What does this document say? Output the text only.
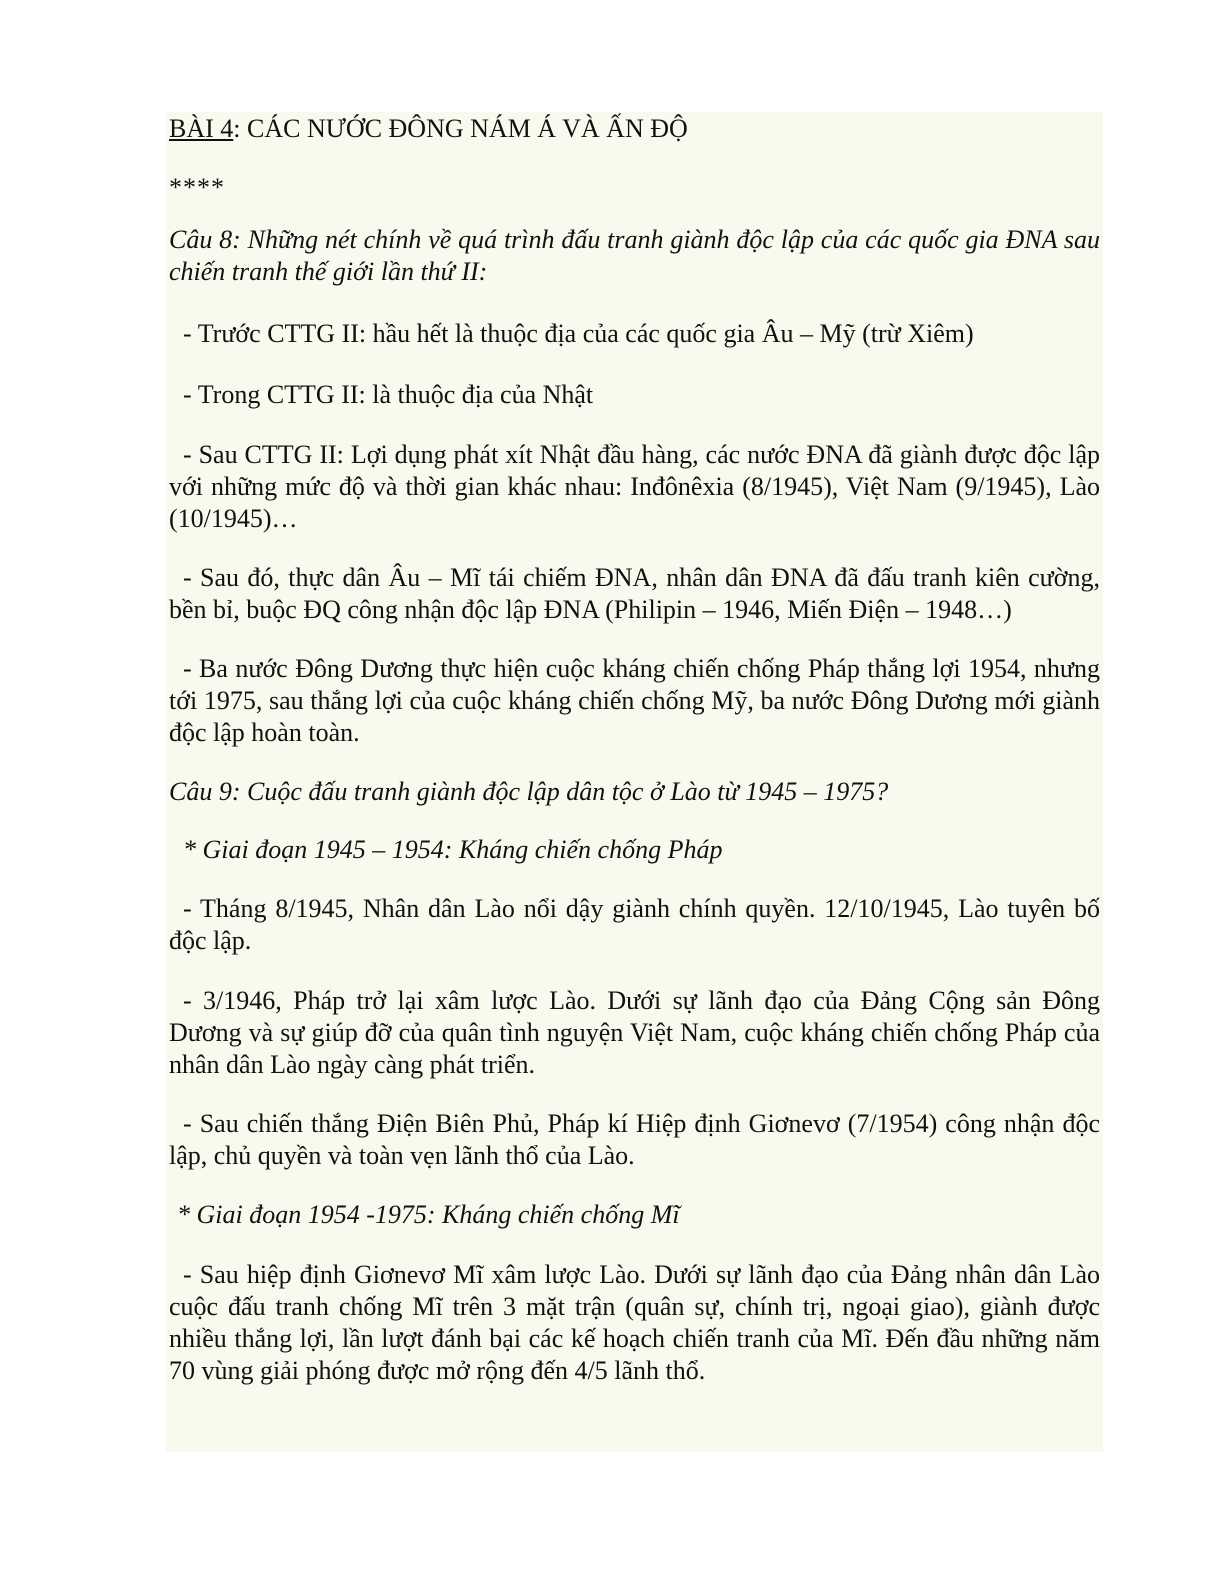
BÀI 4: CÁC NƯỚC ĐÔNG NÁM Á VÀ ẤN ĐỘ
****

Câu 8: Những nét chính về quá trình đấu tranh giành độc lập của các quốc gia ĐNA sau chiến tranh thế giới lần thứ II:

- Trước CTTG II: hầu hết là thuộc địa của các quốc gia Âu – Mỹ (trừ Xiêm)

- Trong CTTG II: là thuộc địa của Nhật

- Sau CTTG II: Lợi dụng phát xít Nhật đầu hàng, các nước ĐNA đã giành được độc lập với những mức độ và thời gian khác nhau: Inđônêxia (8/1945), Việt Nam (9/1945), Lào (10/1945)…

- Sau đó, thực dân Âu – Mĩ tái chiếm ĐNA, nhân dân ĐNA đã đấu tranh kiên cường, bền bỉ, buộc ĐQ công nhận độc lập ĐNA (Philipin – 1946, Miến Điện – 1948…)

- Ba nước Đông Dương thực hiện cuộc kháng chiến chống Pháp thắng lợi 1954, nhưng tới 1975, sau thắng lợi của cuộc kháng chiến chống Mỹ, ba nước Đông Dương mới giành độc lập hoàn toàn.

Câu 9: Cuộc đấu tranh giành độc lập dân tộc ở Lào từ 1945 – 1975?

* Giai đoạn 1945 – 1954: Kháng chiến chống Pháp

- Tháng 8/1945, Nhân dân Lào nổi dậy giành chính quyền. 12/10/1945, Lào tuyên bố độc lập.

- 3/1946, Pháp trở lại xâm lược Lào. Dưới sự lãnh đạo của Đảng Cộng sản Đông Dương và sự giúp đỡ của quân tình nguyện Việt Nam, cuộc kháng chiến chống Pháp của nhân dân Lào ngày càng phát triển.

- Sau chiến thắng Điện Biên Phủ, Pháp kí Hiệp định Giơnevơ (7/1954) công nhận độc lập, chủ quyền và toàn vẹn lãnh thổ của Lào.

* Giai đoạn 1954 -1975: Kháng chiến chống Mĩ

- Sau hiệp định Giơnevơ Mĩ xâm lược Lào. Dưới sự lãnh đạo của Đảng nhân dân Lào cuộc đấu tranh chống Mĩ trên 3 mặt trận (quân sự, chính trị, ngoại giao), giành được nhiều thắng lợi, lần lượt đánh bại các kế hoạch chiến tranh của Mĩ. Đến đầu những năm 70 vùng giải phóng được mở rộng đến 4/5 lãnh thổ.
